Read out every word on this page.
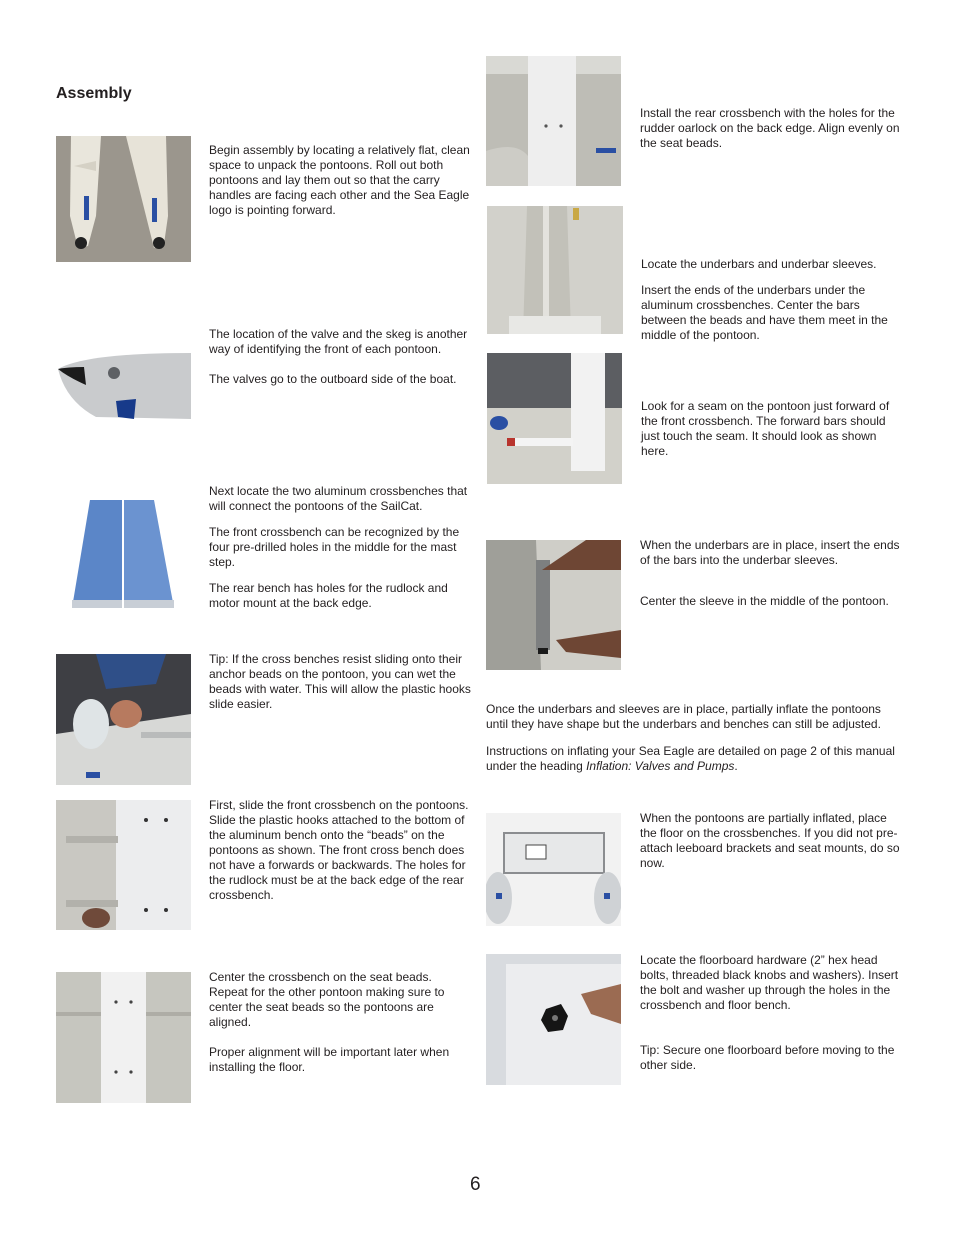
Assembly

Begin assembly by locating a relatively flat, clean space to unpack the pontoons. Roll out both pontoons and lay them out so that the carry handles are facing each other and the Sea Eagle logo is pointing forward.

The location of the valve and the skeg is another way of identifying the front of each pontoon.

The valves go to the outboard side of the boat.

Next locate the two aluminum crossbenches that will connect the pontoons of the SailCat.

The front crossbench can be recognized by the four pre-drilled holes in the middle for the mast step.

The rear bench has holes for the rudlock and motor mount at the back edge.

Tip: If the cross benches resist sliding onto their anchor beads on the pontoon, you can wet the beads with water. This will allow the plastic hooks slide easier.

First, slide the front crossbench on the pontoons. Slide the plastic hooks attached to the bottom of the aluminum bench onto the “beads” on the pontoons as shown. The front cross bench does not have a forwards or backwards. The holes for the rudlock must be at the back edge of the rear crossbench.

Center the crossbench on the seat beads. Repeat for the other pontoon making sure to center the seat beads so the pontoons are aligned.

Proper alignment will be important later when installing the floor.

Install the rear crossbench with the holes for the rudder oarlock on the back edge. Align evenly on the seat beads.

Locate the underbars and underbar sleeves.

Insert the ends of the underbars under the aluminum crossbenches. Center the bars between the beads and have them meet in the middle of the pontoon.

Look for a seam on the pontoon just forward of the front crossbench. The forward bars should just touch the seam. It should look as shown here.

When the underbars are in place, insert the ends of the bars into the underbar sleeves.

Center the sleeve in the middle of the pontoon.

Once the underbars and sleeves are in place, partially inflate the pontoons until they have shape but the underbars and benches can still be adjusted.

Instructions on inflating your Sea Eagle are detailed on page 2 of this manual under the heading Inflation: Valves and Pumps.

When the pontoons are partially inflated, place the floor on the crossbenches. If you did not pre-attach leeboard brackets and seat mounts, do so now.

Locate the floorboard hardware (2” hex head bolts, threaded black knobs and washers). Insert the bolt and washer up through the holes in the crossbench and floor bench.

Tip: Secure one floorboard before moving to the other side.

6
